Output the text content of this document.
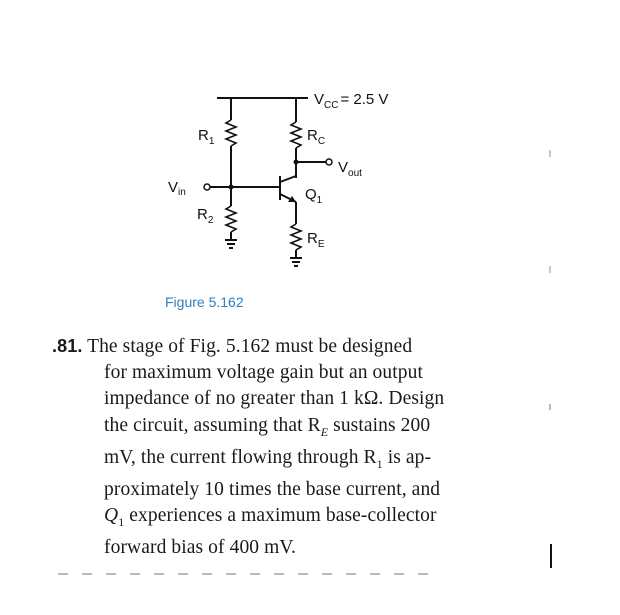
$V_{CC} = 2.5$ V
$R_1$
$V_{in}$
$R_2$
$R_C$
$V_{out}$
$Q_1$
$R_E$
Figure 5.162
.81. The stage of Fig. 5.162 must be designed
for maximum voltage gain but an output
impedance of no greater than 1 kΩ. Design
the circuit, assuming that $R_E$ sustains 200
mV, the current flowing through $R_1$ is ap-
proximately 10 times the base current, and
$Q_1$ experiences a maximum base-collector
forward bias of 400 mV.
